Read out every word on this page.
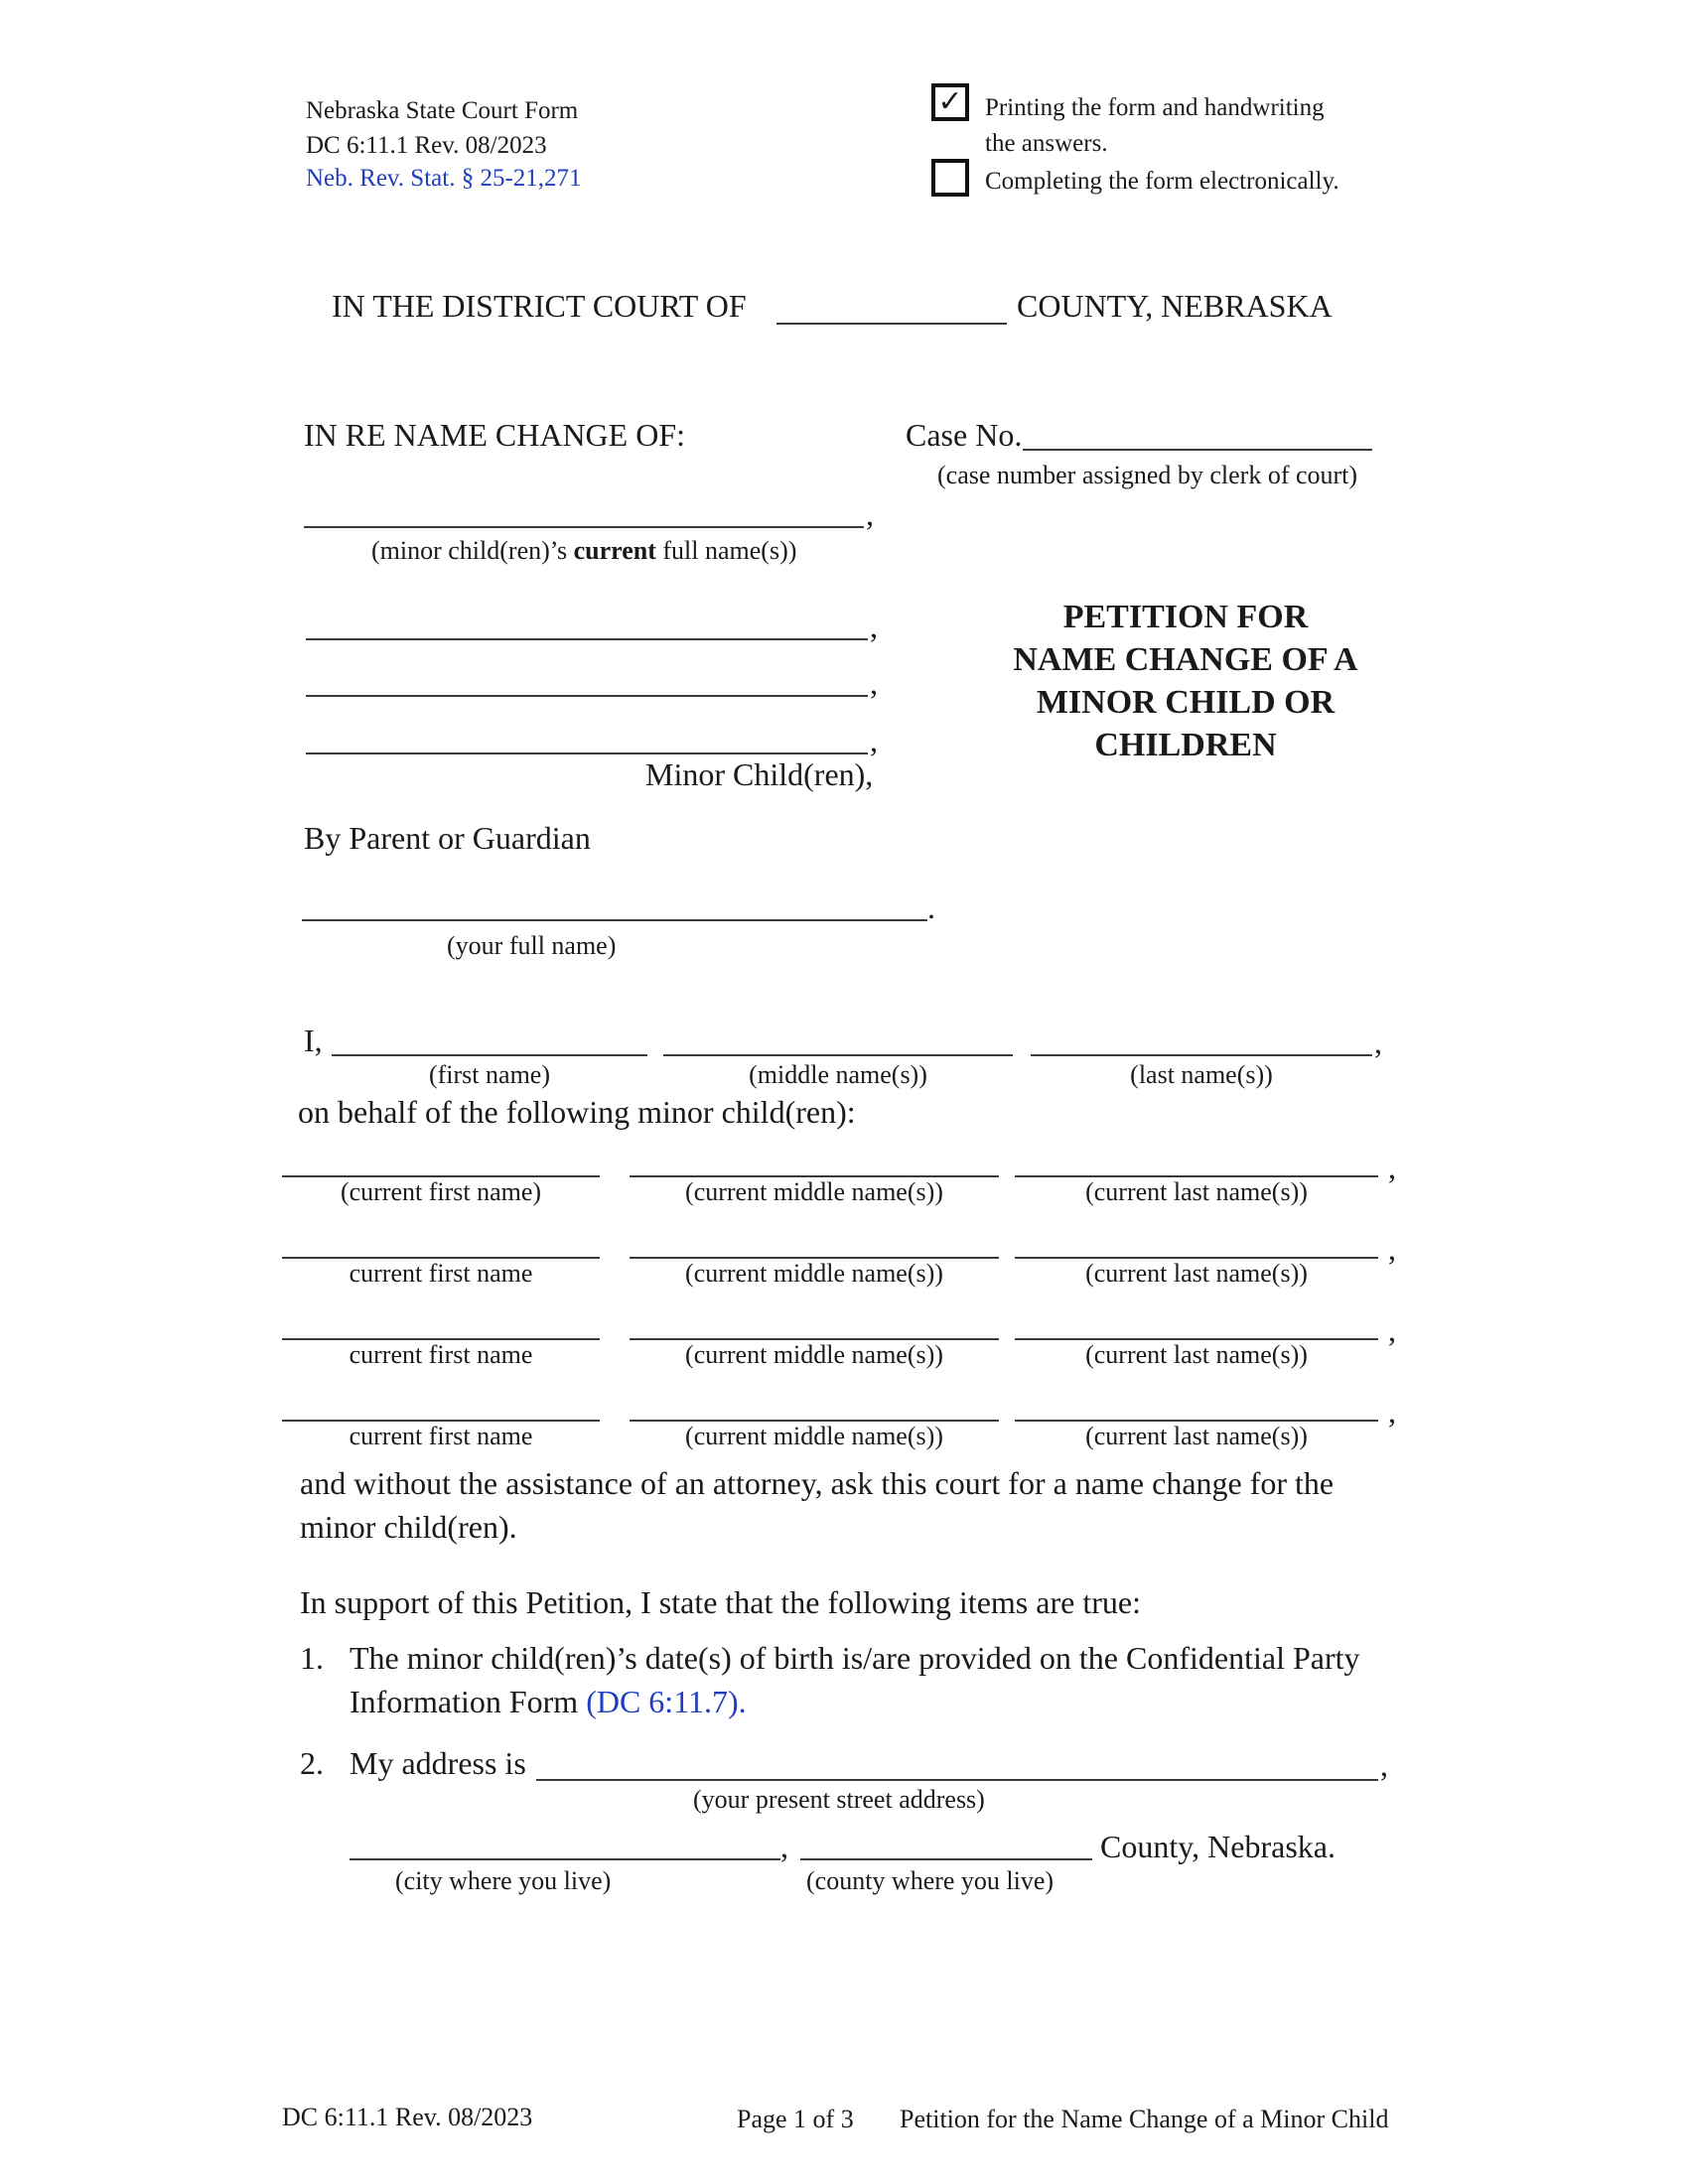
Nebraska State Court Form
DC 6:11.1 Rev. 08/2023
Neb. Rev. Stat. § 25-21,271
✓ Printing the form and handwriting
the answers.
Completing the form electronically.
IN THE DISTRICT COURT OF	COUNTY, NEBRASKA
IN RE NAME CHANGE OF:	Case No.
(case number assigned by clerk of court)
,
(minor child(ren)’s current full name(s))
,
,
,
Minor Child(ren),
By Parent or Guardian
.
(your full name)
PETITION FOR
NAME CHANGE OF A
MINOR CHILD OR
CHILDREN
I,	,
(first name)	(middle name(s))	(last name(s))
on behalf of the following minor child(ren):
,
(current first name)	(current middle name(s))	(current last name(s))
,
current first name	(current middle name(s))	(current last name(s))
,
current first name	(current middle name(s))	(current last name(s))
,
current first name	(current middle name(s))	(current last name(s))
and without the assistance of an attorney, ask this court for a name change for the
minor child(ren).
In support of this Petition, I state that the following items are true:
1. The minor child(ren)’s date(s) of birth is/are provided on the Confidential Party
Information Form (DC 6:11.7).
2. My address is	,
(your present street address)
,	County, Nebraska.
(city where you live)	(county where you live)
DC 6:11.1 Rev. 08/2023	Page 1 of 3 Petition for the Name Change of a Minor Child
